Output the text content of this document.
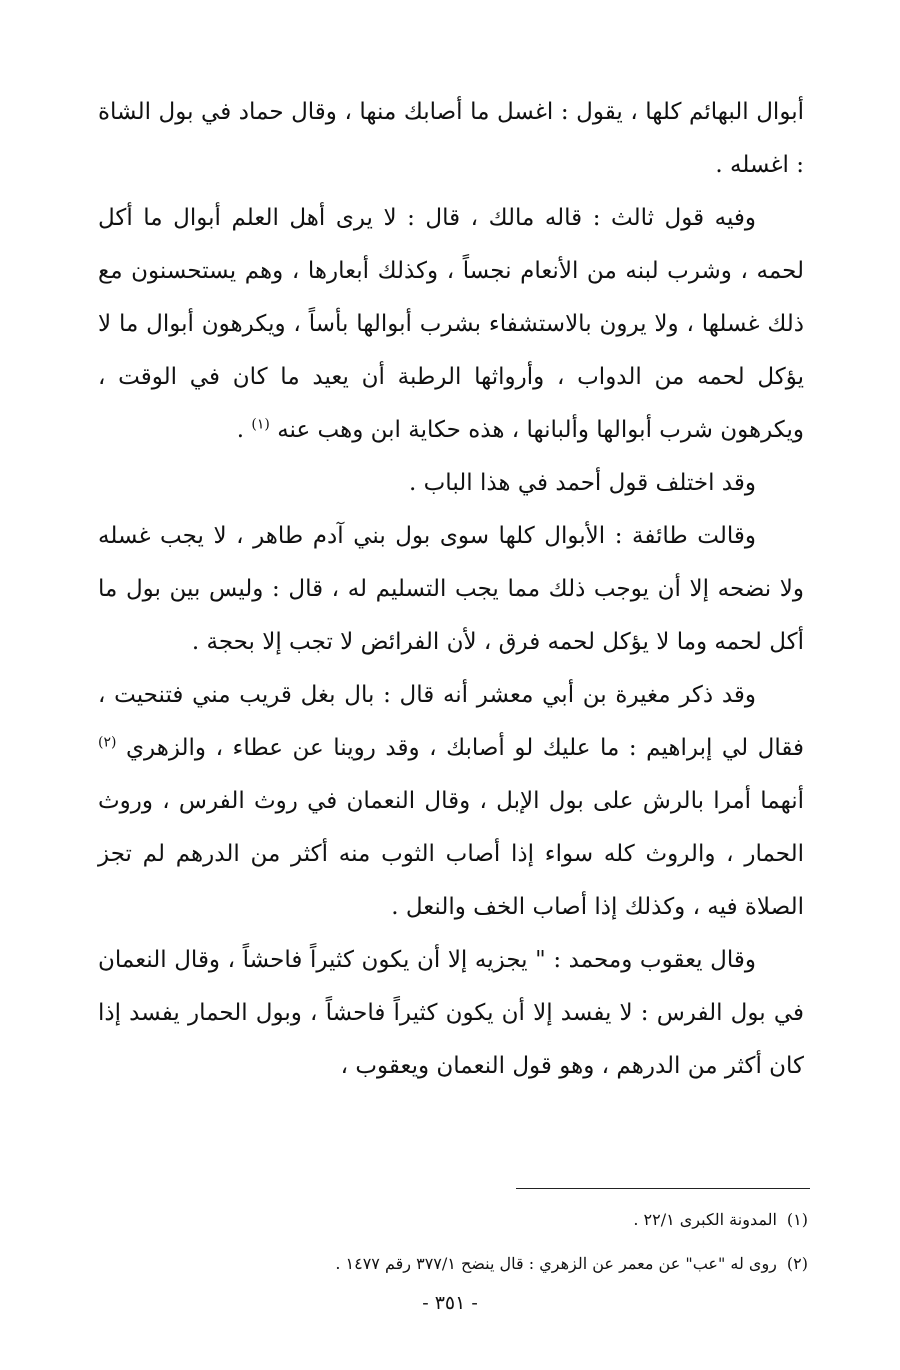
أبوال البهائم كلها ، يقول : اغسل ما أصابك منها ، وقال حماد في بول الشاة : اغسله .

وفيه قول ثالث : قاله مالك ، قال : لا يرى أهل العلم أبوال ما أكل لحمه ، وشرب لبنه من الأنعام نجساً ، وكذلك أبعارها ، وهم يستحسنون مع ذلك غسلها ، ولا يرون بالاستشفاء بشرب أبوالها بأساً ، ويكرهون أبوال ما لا يؤكل لحمه من الدواب ، وأرواثها الرطبة أن يعيد ما كان في الوقت ، ويكرهون شرب أبوالها وألبانها ، هذه حكاية ابن وهب عنه $^{(١)}$ .

وقد اختلف قول أحمد في هذا الباب .

وقالت طائفة : الأبوال كلها سوى بول بني آدم طاهر ، لا يجب غسله ولا نضحه إلا أن يوجب ذلك مما يجب التسليم له ، قال : وليس بين بول ما أكل لحمه وما لا يؤكل لحمه فرق ، لأن الفرائض لا تجب إلا بحجة .

وقد ذكر مغيرة بن أبي معشر أنه قال : بال بغل قريب مني فتنحيت ، فقال لي إبراهيم : ما عليك لو أصابك ، وقد روينا عن عطاء ، والزهري $^{(٢)}$ أنهما أمرا بالرش على بول الإبل ، وقال النعمان في روث الفرس ، وروث الحمار ، والروث كله سواء إذا أصاب الثوب منه أكثر من الدرهم لم تجز الصلاة فيه ، وكذلك إذا أصاب الخف والنعل .

وقال يعقوب ومحمد : " يجزيه إلا أن يكون كثيراً فاحشاً ، وقال النعمان في بول الفرس : لا يفسد إلا أن يكون كثيراً فاحشاً ، وبول الحمار يفسد إذا كان أكثر من الدرهم ، وهو قول النعمان ويعقوب ،

(١)المدونة الكبرى ٢٢/١ .

(٢)روى له "عب" عن معمر عن الزهري : قال ينضح ٣٧٧/١ رقم ١٤٧٧ .

- ٣٥١ -
